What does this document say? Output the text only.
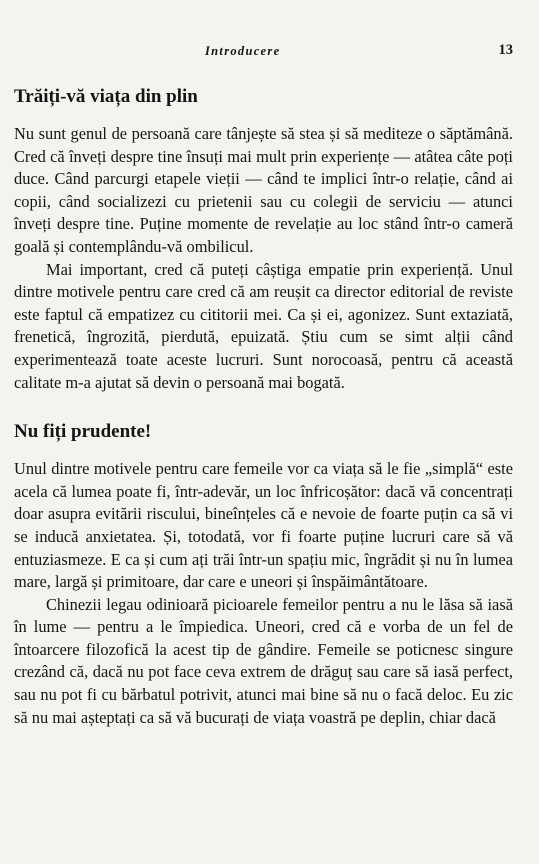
Introducere	13
Trăiți-vă viața din plin

Nu sunt genul de persoană care tânjește să stea și să mediteze o săptămână. Cred că înveți despre tine însuți mai mult prin experiențe — atâtea câte poți duce. Când parcurgi etapele vieții — când te implici într-o relație, când ai copii, când socializezi cu prietenii sau cu colegii de serviciu — atunci înveți despre tine. Puține momente de revelație au loc stând într-o cameră goală și contemplându-vă ombilicul.

Mai important, cred că puteți câștiga empatie prin experiență. Unul dintre motivele pentru care cred că am reușit ca director editorial de reviste este faptul că empatizez cu cititorii mei. Ca și ei, agonizez. Sunt extaziată, frenetică, îngrozită, pierdută, epuizată. Știu cum se simt alții când experimentează toate aceste lucruri. Sunt norocoasă, pentru că această calitate m-a ajutat să devin o persoană mai bogată.

Nu fiți prudente!

Unul dintre motivele pentru care femeile vor ca viața să le fie „simplă“ este acela că lumea poate fi, într-adevăr, un loc înfricoșător: dacă vă concentrați doar asupra evitării riscului, bineînțeles că e nevoie de foarte puțin ca să vi se inducă anxietatea. Și, totodată, vor fi foarte puține lucruri care să vă entuziasmeze. E ca și cum ați trăi într-un spațiu mic, îngrădit și nu în lumea mare, largă și primitoare, dar care e uneori și înspăimântătoare.

Chinezii legau odinioară picioarele femeilor pentru a nu le lăsa să iasă în lume — pentru a le împiedica. Uneori, cred că e vorba de un fel de întoarcere filozofică la acest tip de gândire. Femeile se poticnesc singure crezând că, dacă nu pot face ceva extrem de drăguț sau care să iasă perfect, sau nu pot fi cu bărbatul potrivit, atunci mai bine să nu o facă deloc. Eu zic să nu mai așteptați ca să vă bucurați de viața voastră pe deplin, chiar dacă
